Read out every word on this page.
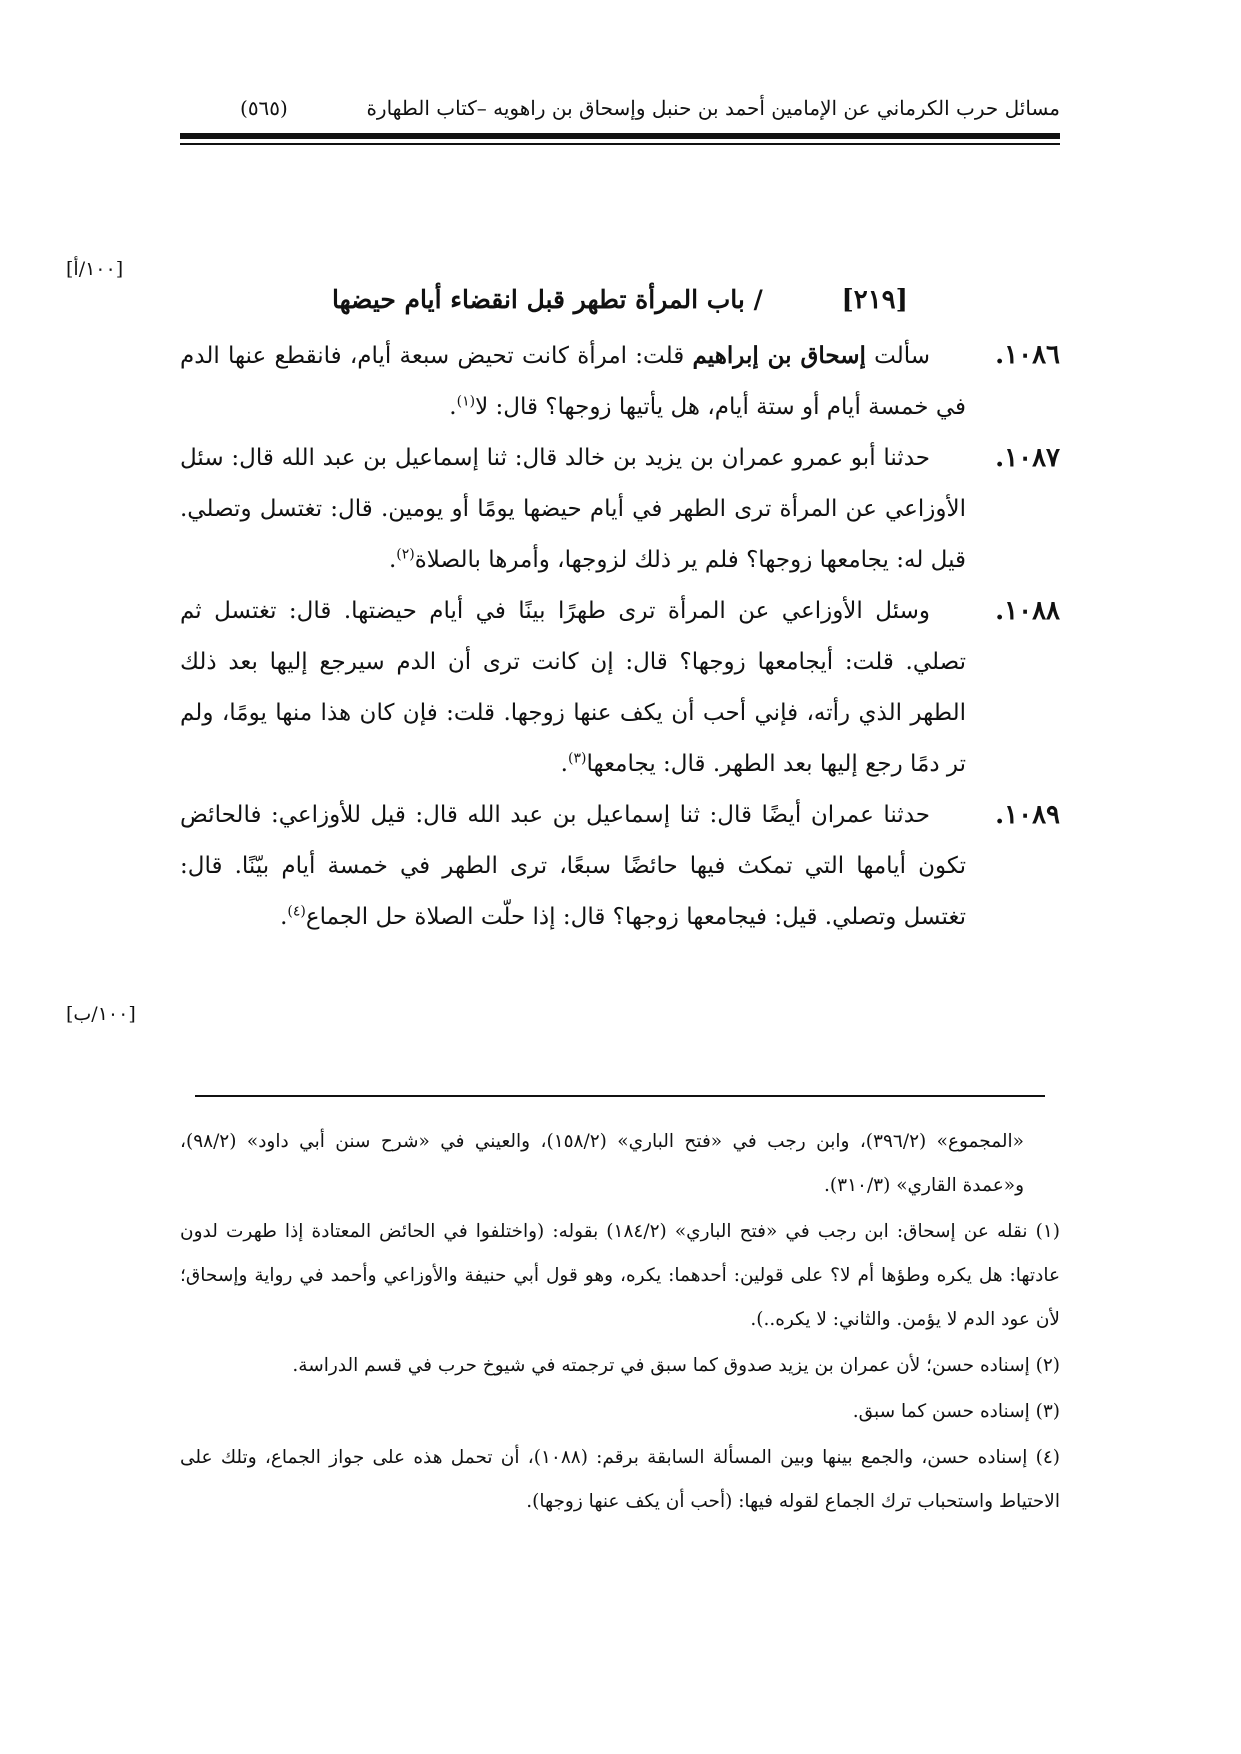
مسائل حرب الكرماني عن الإمامين أحمد بن حنبل وإسحاق بن راهويه –كتاب الطهارة
(٥٦٥)
[١٠٠/أ]
[١٠٠/ب]
[٢١٩] / باب المرأة تطهر قبل انقضاء أيام حيضها

١٠٨٦ .
سألت إسحاق بن إبراهيم قلت: امرأة كانت تحيض سبعة أيام، فانقطع عنها الدم في خمسة أيام أو ستة أيام، هل يأتيها زوجها؟ قال: لا$^{(١)}$.

١٠٨٧ .
حدثنا أبو عمرو عمران بن يزيد بن خالد قال: ثنا إسماعيل بن عبد الله قال: سئل الأوزاعي عن المرأة ترى الطهر في أيام حيضها يومًا أو يومين. قال: تغتسل وتصلي. قيل له: يجامعها زوجها؟ فلم ير ذلك لزوجها، وأمرها بالصلاة$^{(٢)}$.

١٠٨٨ .
وسئل الأوزاعي عن المرأة ترى طهرًا بينًا في أيام حيضتها. قال: تغتسل ثم تصلي. قلت: أيجامعها زوجها؟ قال: إن كانت ترى أن الدم سيرجع إليها بعد ذلك الطهر الذي رأته، فإني أحب أن يكف عنها زوجها. قلت: فإن كان هذا منها يومًا، ولم تر دمًا رجع إليها بعد الطهر. قال: يجامعها$^{(٣)}$.

١٠٨٩ .
حدثنا عمران أيضًا قال: ثنا إسماعيل بن عبد الله قال: قيل للأوزاعي: فالحائض تكون أيامها التي تمكث فيها حائضًا سبعًا، ترى الطهر في خمسة أيام بيّنًا. قال: تغتسل وتصلي. قيل: فيجامعها زوجها؟ قال: إذا حلّت الصلاة حل الجماع$^{(٤)}$.

«المجموع» (٣٩٦/٢)، وابن رجب في «فتح الباري» (١٥٨/٢)، والعيني في «شرح سنن أبي داود» (٩٨/٢)، و«عمدة القاري» (٣١٠/٣).

(١) نقله عن إسحاق: ابن رجب في «فتح الباري» (١٨٤/٢) بقوله: (واختلفوا في الحائض المعتادة إذا طهرت لدون عادتها: هل يكره وطؤها أم لا؟ على قولين: أحدهما: يكره، وهو قول أبي حنيفة والأوزاعي وأحمد في رواية وإسحاق؛ لأن عود الدم لا يؤمن. والثاني: لا يكره..).

(٢) إسناده حسن؛ لأن عمران بن يزيد صدوق كما سبق في ترجمته في شيوخ حرب في قسم الدراسة.

(٣) إسناده حسن كما سبق.

(٤) إسناده حسن، والجمع بينها وبين المسألة السابقة برقم: (١٠٨٨)، أن تحمل هذه على جواز الجماع، وتلك على الاحتياط واستحباب ترك الجماع لقوله فيها: (أحب أن يكف عنها زوجها).
